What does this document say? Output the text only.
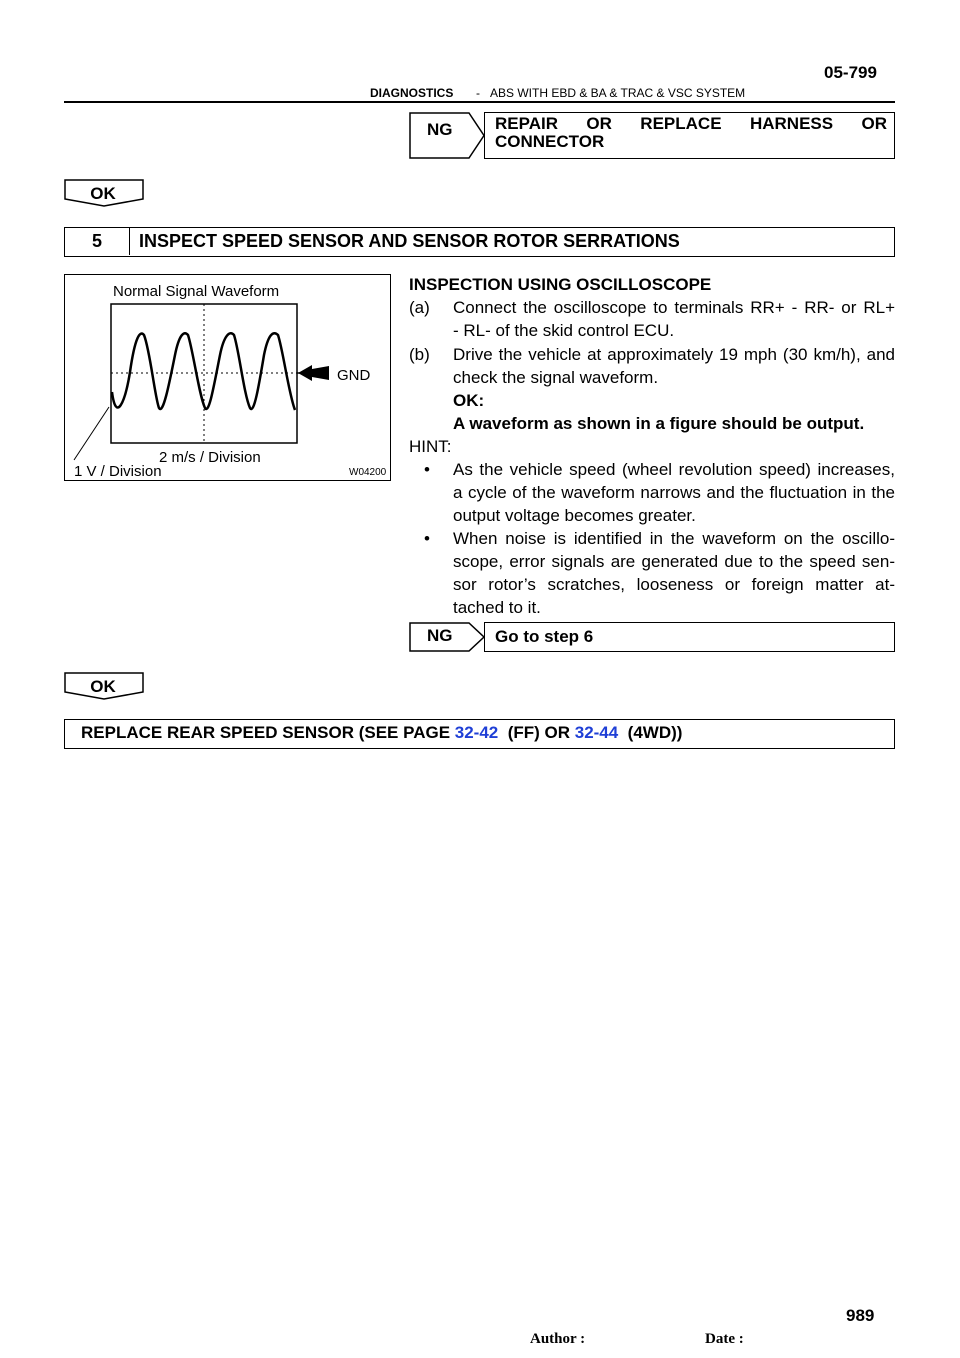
05-799
DIAGNOSTICS - ABS WITH EBD & BA & TRAC & VSC SYSTEM
NG	REPAIR OR REPLACE HARNESS OR
CONNECTOR
OK
5	INSPECT SPEED SENSOR AND SENSOR ROTOR SERRATIONS
Normal Signal Waveform
GND
2 m/s / Division
1 V / Division	W04200
INSPECTION USING OSCILLOSCOPE
(a) Connect the oscilloscope to terminals RR+ - RR- or RL+
- RL- of the skid control ECU.
(b) Drive the vehicle at approximately 19 mph (30 km/h), and
check the signal waveform.
OK:
A waveform as shown in a figure should be output.
HINT:
• As the vehicle speed (wheel revolution speed) increases,
a cycle of the waveform narrows and the fluctuation in the
output voltage becomes greater.
• When noise is identified in the waveform on the oscillo-
scope, error signals are generated due to the speed sen-
sor rotor’s scratches, looseness or foreign matter at-
tached to it.
NG	Go to step 6
OK
REPLACE REAR SPEED SENSOR (SEE PAGE 32-42  (FF) OR 32-44  (4WD))
989
Author :	Date :
